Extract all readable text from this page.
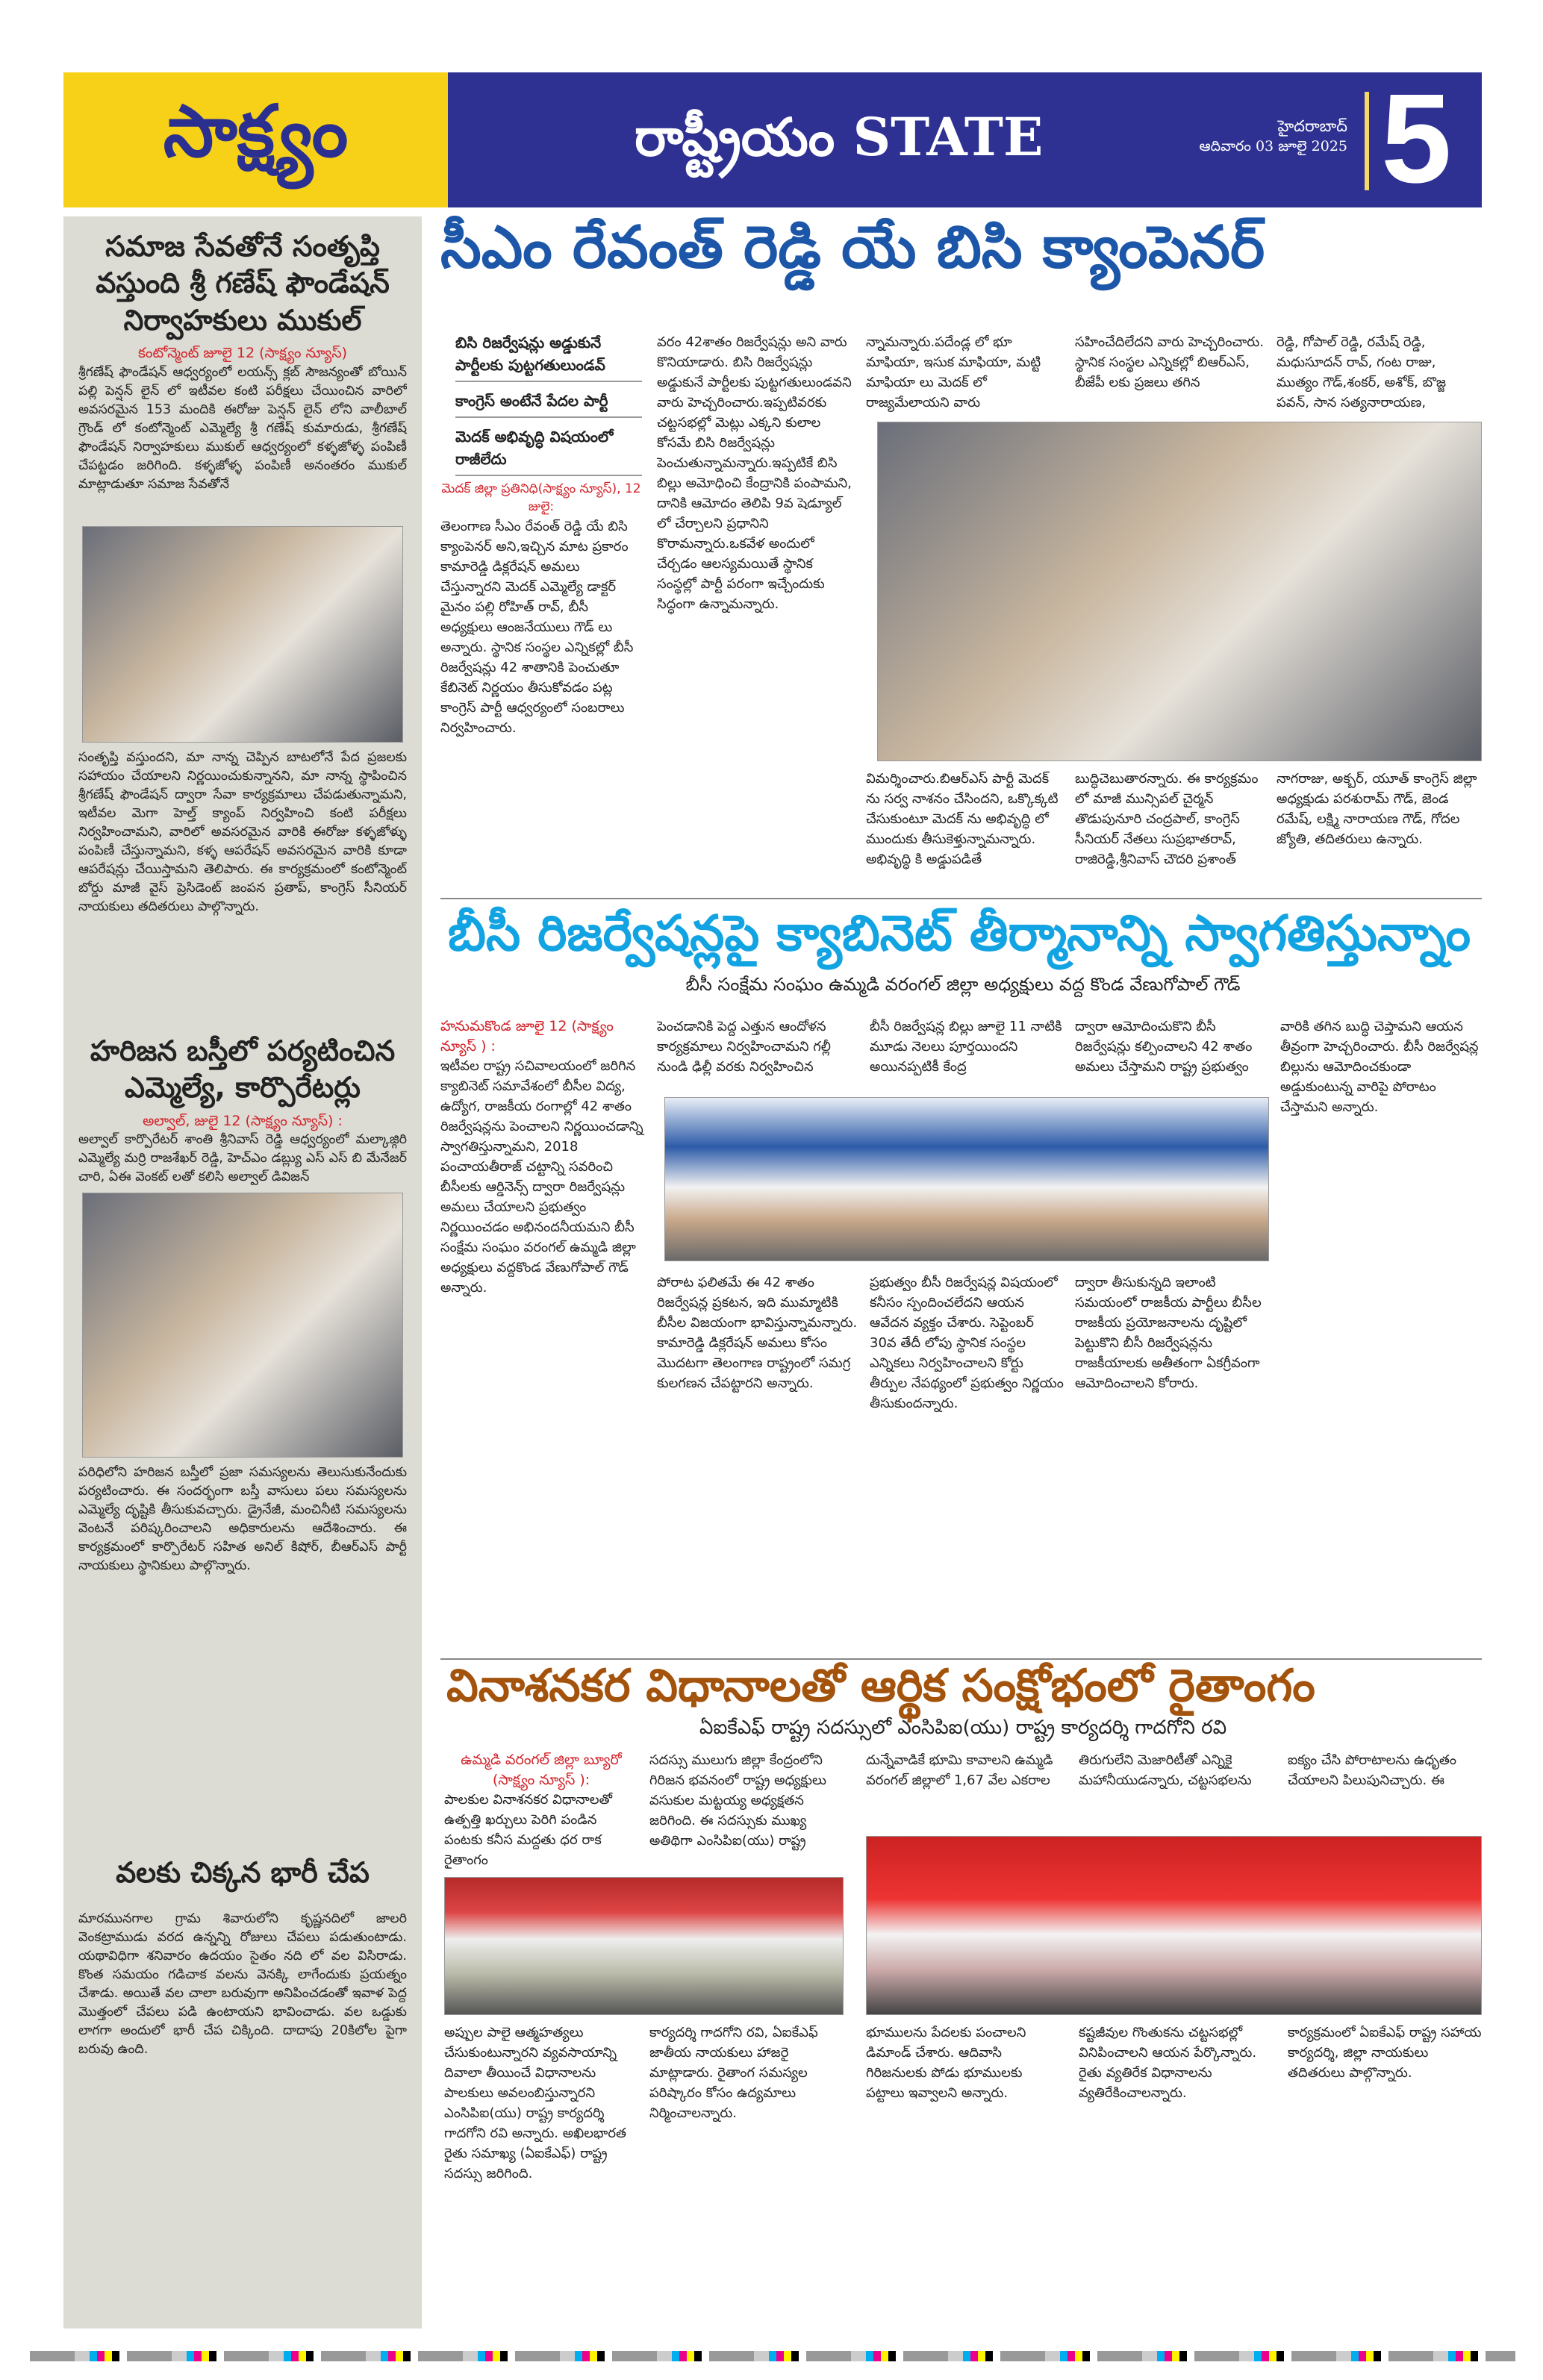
సాక్ష్యం	రాష్ట్రీయం STATE	హైదరాబాద్
ఆదివారం 03 జూలై 2025 5
సమాజ సేవతోనే సంతృప్తి వస్తుంది శ్రీ గణేష్ ఫౌండేషన్ నిర్వాహకులు ముకుల్
కంటోన్మెంట్ జూలై 12 (సాక్ష్యం న్యూస్)
శ్రీగణేష్ ఫౌండేషన్ ఆధ్వర్యంలో లయన్స్ క్లబ్ సౌజన్యంతో బోయిన్ పల్లి పెన్షన్ లైన్ లో ఇటీవల కంటి పరీక్షలు చేయించిన వారిలో అవసరమైన 153 మందికి ఈరోజు పెన్షన్ లైన్ లోని వాలీబాల్ గ్రౌండ్ లో కంటోన్మెంట్ ఎమ్మెల్యే శ్రీ గణేష్ కుమారుడు, శ్రీగణేష్ ఫౌండేషన్ నిర్వాహకులు ముకుల్ ఆధ్వర్యంలో కళ్ళజోళ్ళ పంపిణీ చేపట్టడం జరిగింది. కళ్ళజోళ్ళ పంపిణీ అనంతరం ముకుల్ మాట్లాడుతూ సమాజ సేవతోనే
సంతృప్తి వస్తుందని, మా నాన్న చెప్పిన బాటలోనే పేద ప్రజలకు సహాయం చేయాలని నిర్ణయించుకున్నానని, మా నాన్న స్థాపించిన శ్రీగణేష్ ఫౌండేషన్ ద్వారా సేవా కార్యక్రమాలు చేపడుతున్నామని, ఇటీవల మెగా హెల్త్ క్యాంప్ నిర్వహించి కంటి పరీక్షలు నిర్వహించామని, వారిలో అవసరమైన వారికి ఈరోజు కళ్ళజోళ్ళు పంపిణీ చేస్తున్నామని, కళ్ళ ఆపరేషన్ అవసరమైన వారికి కూడా ఆపరేషన్లు చేయిస్తామని తెలిపారు. ఈ కార్యక్రమంలో కంటోన్మెంట్ బోర్డు మాజీ వైస్ ప్రెసిడెంట్ జంపన ప్రతాప్, కాంగ్రెస్ సీనియర్ నాయకులు తదితరులు పాల్గొన్నారు.
హరిజన బస్తీలో పర్యటించిన ఎమ్మెల్యే, కార్పొరేటర్లు
అల్వాల్, జులై 12 (సాక్ష్యం న్యూస్) :
అల్వాల్ కార్పొరేటర్ శాంతి శ్రీనివాస్ రెడ్డి ఆధ్వర్యంలో మల్కాజ్గిరి ఎమ్మెల్యే మర్రి రాజశేఖర్ రెడ్డి, హెచ్ఎం డబ్ల్యు ఎస్ ఎస్ బి మేనేజర్ చారి, ఏఈ వెంకట్ లతో కలిసి అల్వాల్ డివిజన్
పరిధిలోని హరిజన బస్తీలో ప్రజా సమస్యలను తెలుసుకునేందుకు పర్యటించారు. ఈ సందర్భంగా బస్తీ వాసులు పలు సమస్యలను ఎమ్మెల్యే దృష్టికి తీసుకువచ్చారు. డ్రైనేజీ, మంచినీటి సమస్యలను వెంటనే పరిష్కరించాలని అధికారులను ఆదేశించారు. ఈ కార్యక్రమంలో కార్పొరేటర్ సహిత అనిల్ కిషోర్, బీఆర్ఎస్ పార్టీ నాయకులు స్థానికులు పాల్గొన్నారు.
వలకు చిక్కన భారీ చేప
మారమునగాల గ్రామ శివారులోని కృష్ణనదిలో జాలరి వెంకట్రాముడు వరద ఉన్నన్ని రోజులు చేపలు పడుతుంటాడు. యథావిధిగా శనివారం ఉదయం సైతం నది లో వల విసిరాడు. కొంత సమయం గడిచాక వలను వెనక్కి లాగేందుకు ప్రయత్నం చేశాడు. అయితే వల చాలా బరువుగా అనిపించడంతో ఇవాళ పెద్ద మొత్తంలో చేపలు పడి ఉంటాయని భావించాడు. వల ఒడ్డుకు లాగగా అందులో భారీ చేప చిక్కింది. దాదాపు 20కిలోల పైగా బరువు ఉంది.
సీఎం రేవంత్ రెడ్డి యే బిసి క్యాంపెనర్
బిసి రిజర్వేషన్లు అడ్డుకునే పార్టీలకు పుట్టగతులుండవ్
కాంగ్రెస్ అంటేనే పేదల పార్టీ
మెదక్ అభివృద్ధి విషయంలో రాజీలేదు
మెదక్ జిల్లా ప్రతినిధి(సాక్ష్యం న్యూస్), 12 జులై:
తెలంగాణ సీఎం రేవంత్ రెడ్డి యే బిసి క్యాంపెనర్ అని,ఇచ్చిన మాట ప్రకారం కామారెడ్డి డిక్లరేషన్ అమలు చేస్తున్నారని మెదక్ ఎమ్మెల్యే డాక్టర్ మైనం పల్లి రోహిత్ రావ్, బీసీ అధ్యక్షులు ఆంజనేయులు గౌడ్ లు అన్నారు. స్థానిక సంస్థల ఎన్నికల్లో బీసీ రిజర్వేషన్లు 42 శాతానికి పెంచుతూ కేబినెట్ నిర్ణయం తీసుకోవడం పట్ల కాంగ్రెస్ పార్టీ ఆధ్వర్యంలో సంబరాలు నిర్వహించారు.
వరం 42శాతం రిజర్వేషన్లు అని వారు కొనియాడారు. బిసి రిజర్వేషన్లు అడ్డుకునే పార్టీలకు పుట్టగతులుండవని వారు హెచ్చరించారు.ఇప్పటివరకు చట్టసభల్లో మెట్లు ఎక్కని కులాల కోసమే బిసి రిజర్వేషన్లు పెంచుతున్నామన్నారు.ఇప్పటికే బిసి బిల్లు అమోధించి కేంద్రానికి పంపామని, దానికి ఆమోదం తెలిపి 9వ షెడ్యూల్ లో చేర్చాలని ప్రధానిని కొరామన్నారు.ఒకవేళ అందులో చేర్చడం ఆలస్యమయితే స్థానిక సంస్థల్లో పార్టీ పరంగా ఇచ్చేందుకు సిద్ధంగా ఉన్నామన్నారు.
న్నామన్నారు.పదేండ్ల లో భూ మాఫియా, ఇసుక మాఫియా, మట్టి మాఫియా లు మెదక్ లో రాజ్యమేలాయని వారు
సహించేదిలేదని వారు హెచ్చరించారు. స్థానిక సంస్థల ఎన్నికల్లో బిఆర్ఎస్, బీజేపీ లకు ప్రజలు తగిన
రెడ్డి, గోపాల్ రెడ్డి, రమేష్ రెడ్డి, మధుసూదన్ రావ్, గంట రాజు, ముత్యం గౌడ్,శంకర్, అశోక్, బొజ్జ పవన్, సాన సత్యనారాయణ,
విమర్శించారు.బిఆర్ఎస్ పార్టీ మెదక్ ను సర్వ నాశనం చేసిందని, ఒక్కొక్కటి చేసుకుంటూ మెదక్ ను అభివృద్ధి లో ముందుకు తీసుకెళ్తున్నామన్నారు. అభివృద్ధి కి అడ్డుపడితే
బుద్ధిచెబుతారన్నారు. ఈ కార్యక్రమం లో మాజీ మున్సిపల్ చైర్మన్ తొడుపునూరి చంద్రపాల్, కాంగ్రెస్ సీనియర్ నేతలు సుప్రభాతరావ్, రాజిరెడ్డి,శ్రీనివాస్ చౌదరి ప్రశాంత్
నాగరాజు, అక్బర్, యూత్ కాంగ్రెస్ జిల్లా అధ్యక్షుడు పరశురామ్ గౌడ్, జెండ రమేష్, లక్ష్మి నారాయణ గౌడ్, గోదల జ్యోతి, తదితరులు ఉన్నారు.
బీసీ రిజర్వేషన్లపై క్యాబినెట్ తీర్మానాన్ని స్వాగతిస్తున్నాం
బీసీ సంక్షేమ సంఘం ఉమ్మడి వరంగల్ జిల్లా అధ్యక్షులు వద్ద కొండ వేణుగోపాల్ గౌడ్
హనుమకొండ జూలై 12 (సాక్ష్యం న్యూస్ ) :
ఇటీవల రాష్ట్ర సచివాలయంలో జరిగిన క్యాబినెట్ సమావేశంలో బీసీల విద్య, ఉద్యోగ, రాజకీయ రంగాల్లో 42 శాతం రిజర్వేషన్లను పెంచాలని నిర్ణయించడాన్ని స్వాగతిస్తున్నామని, 2018 పంచాయతీరాజ్ చట్టాన్ని సవరించి బీసీలకు ఆర్డినెన్స్ ద్వారా రిజర్వేషన్లు అమలు చేయాలని ప్రభుత్వం నిర్ణయించడం అభినందనీయమని బీసీ సంక్షేమ సంఘం వరంగల్ ఉమ్మడి జిల్లా అధ్యక్షులు వద్దకొండ వేణుగోపాల్ గౌడ్ అన్నారు.
పెంచడానికి పెద్ద ఎత్తున ఆందోళన కార్యక్రమాలు నిర్వహించామని గల్లీ నుండి ఢిల్లీ వరకు నిర్వహించిన
బీసీ రిజర్వేషన్ల బిల్లు జూలై 11 నాటికి మూడు నెలలు పూర్తయిందని అయినప్పటికీ కేంద్ర
ద్వారా ఆమోదించుకొని బీసీ రిజర్వేషన్లు కల్పించాలని 42 శాతం అమలు చేస్తామని రాష్ట్ర ప్రభుత్వం
వారికి తగిన బుద్ధి చెప్తామని ఆయన తీవ్రంగా హెచ్చరించారు. బీసీ రిజర్వేషన్ల బిల్లును ఆమోదించకుండా అడ్డుకుంటున్న వారిపై పోరాటం చేస్తామని అన్నారు.
పోరాట ఫలితమే ఈ 42 శాతం రిజర్వేషన్ల ప్రకటన, ఇది ముమ్మాటికి బీసీల విజయంగా భావిస్తున్నామన్నారు. కామారెడ్డి డిక్లరేషన్ అమలు కోసం మొదటగా తెలంగాణ రాష్ట్రంలో సమగ్ర కులగణన చేపట్టారని అన్నారు.
ప్రభుత్వం బీసీ రిజర్వేషన్ల విషయంలో కనీసం స్పందించలేదని ఆయన ఆవేదన వ్యక్తం చేశారు. సెప్టెంబర్ 30వ తేదీ లోపు స్థానిక సంస్థల ఎన్నికలు నిర్వహించాలని కోర్టు తీర్పుల నేపథ్యంలో ప్రభుత్వం నిర్ణయం తీసుకుందన్నారు.
ద్వారా తీసుకున్నది ఇలాంటి సమయంలో రాజకీయ పార్టీలు బీసీల రాజకీయ ప్రయోజనాలను దృష్టిలో పెట్టుకొని బీసీ రిజర్వేషన్లను రాజకీయాలకు అతీతంగా ఏకగ్రీవంగా ఆమోదించాలని కోరారు.
వినాశనకర విధానాలతో ఆర్థిక సంక్షోభంలో రైతాంగం
ఏఐకేఎఫ్ రాష్ట్ర సదస్సులో ఎంసిపిఐ(యు) రాష్ట్ర కార్యదర్శి గాదగోని రవి
ఉమ్మడి వరంగల్ జిల్లా బ్యూరో (సాక్ష్యం న్యూస్ ):
పాలకుల వినాశనకర విధానాలతో ఉత్పత్తి ఖర్చులు పెరిగి పండిన పంటకు కనీస మద్దతు ధర రాక రైతాంగం
సదస్సు ములుగు జిల్లా కేంద్రంలోని గిరిజన భవనంలో రాష్ట్ర అధ్యక్షులు వసుకుల మట్టయ్య అధ్యక్షతన జరిగింది. ఈ సదస్సుకు ముఖ్య అతిథిగా ఎంసిపిఐ(యు) రాష్ట్ర
దున్నేవాడికే భూమి కావాలని ఉమ్మడి వరంగల్ జిల్లాలో 1,67 వేల ఎకరాల
తిరుగులేని మెజారిటీతో ఎన్నికై మహానీయుడన్నారు, చట్టసభలను
ఐక్యం చేసి పోరాటాలను ఉధృతం చేయాలని పిలుపునిచ్చారు. ఈ
అప్పుల పాలై ఆత్మహత్యలు చేసుకుంటున్నారని వ్యవసాయాన్ని దివాలా తీయించే విధానాలను పాలకులు అవలంబిస్తున్నారని ఎంసిపిఐ(యు) రాష్ట్ర కార్యదర్శి గాదగోని రవి అన్నారు. అఖిలభారత రైతు సమాఖ్య (ఏఐకేఎఫ్) రాష్ట్ర సదస్సు జరిగింది.
కార్యదర్శి గాదగోని రవి, ఏఐకేఎఫ్ జాతీయ నాయకులు హాజరై మాట్లాడారు. రైతాంగ సమస్యల పరిష్కారం కోసం ఉద్యమాలు నిర్మించాలన్నారు.
భూములను పేదలకు పంచాలని డిమాండ్ చేశారు. ఆదివాసి గిరిజనులకు పోడు భూములకు పట్టాలు ఇవ్వాలని అన్నారు.
కష్టజీవుల గొంతుకను చట్టసభల్లో వినిపించాలని ఆయన పేర్కొన్నారు. రైతు వ్యతిరేక విధానాలను వ్యతిరేకించాలన్నారు.
కార్యక్రమంలో ఏఐకేఎఫ్ రాష్ట్ర సహాయ కార్యదర్శి, జిల్లా నాయకులు తదితరులు పాల్గొన్నారు.
